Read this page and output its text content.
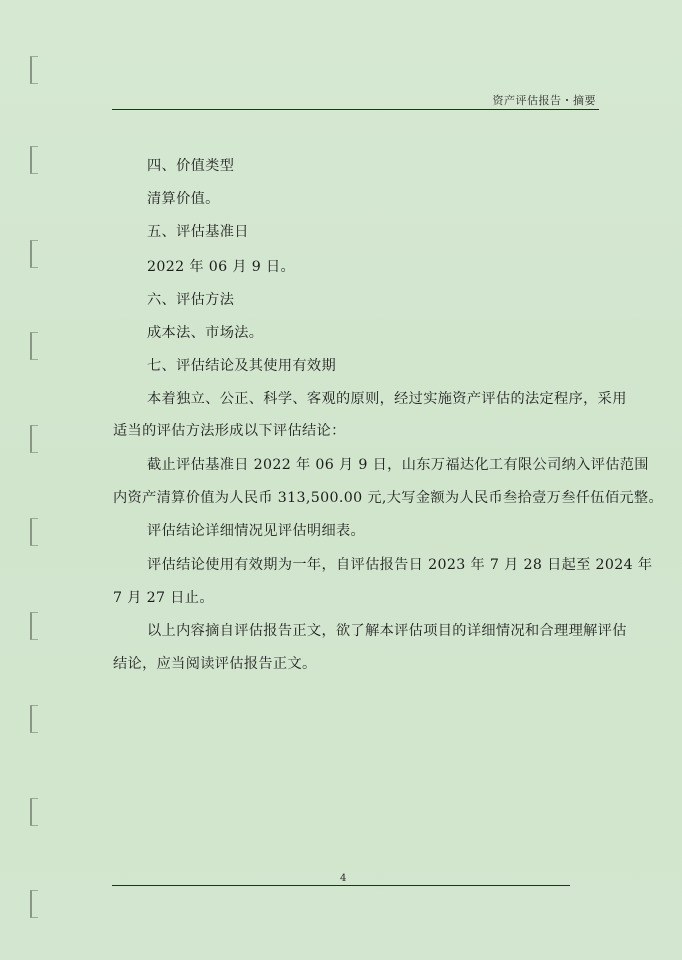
资产评估报告・摘要
四、价值类型
清算价值。
五、评估基准日
2022 年 06 月 9 日。
六、评估方法
成本法、市场法。
七、评估结论及其使用有效期
本着独立、公正、科学、客观的原则，经过实施资产评估的法定程序，采用
适当的评估方法形成以下评估结论：
截止评估基准日 2022 年 06 月 9 日，山东万福达化工有限公司纳入评估范围
内资产清算价值为人民币 313,500.00 元,大写金额为人民币叁拾壹万叁仟伍佰元整。
评估结论详细情况见评估明细表。
评估结论使用有效期为一年，自评估报告日 2023 年 7 月 28 日起至 2024 年
7 月 27 日止。
以上内容摘自评估报告正文，欲了解本评估项目的详细情况和合理理解评估
结论，应当阅读评估报告正文。
4
